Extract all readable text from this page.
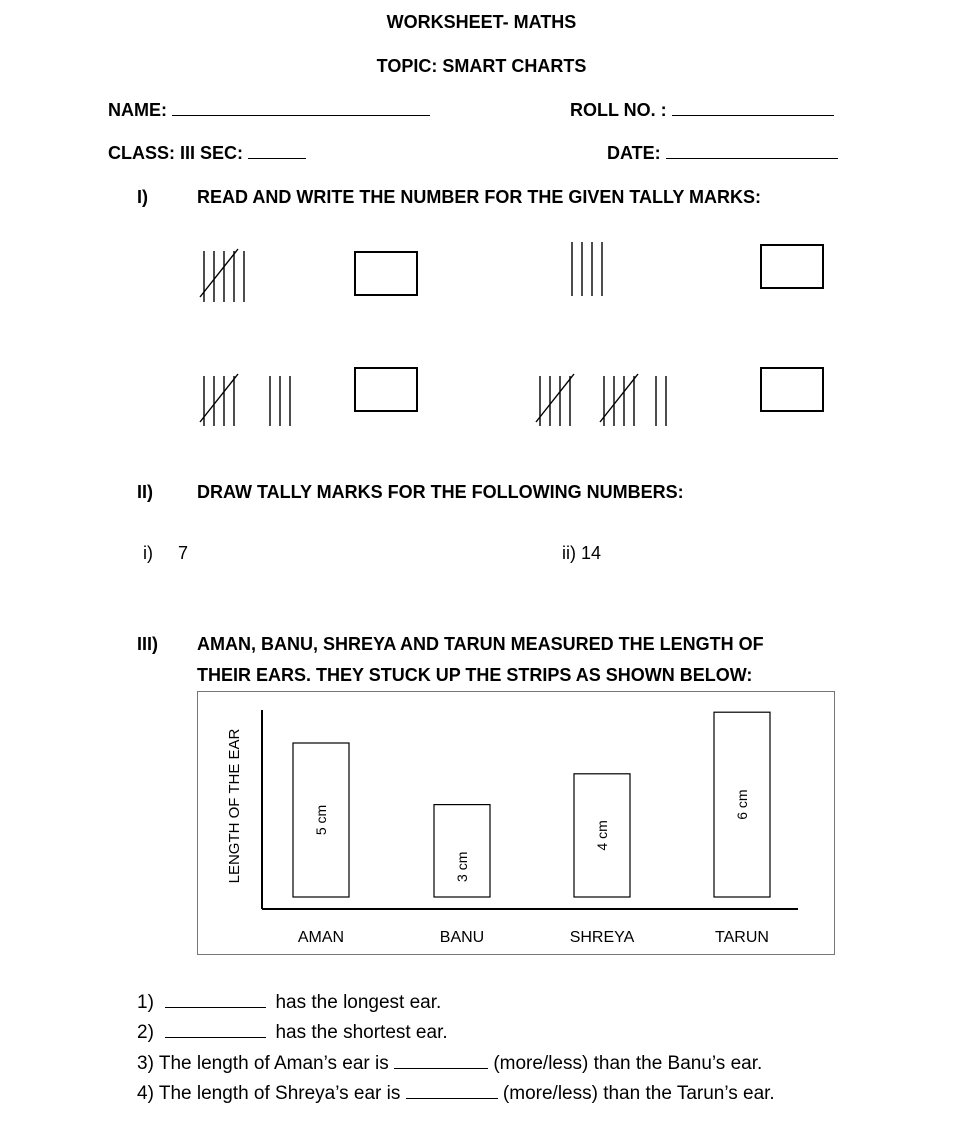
WORKSHEET- MATHS
TOPIC: SMART CHARTS
NAME:	ROLL NO. :
CLASS: III SEC:	DATE:
I)	READ AND WRITE THE NUMBER FOR THE GIVEN TALLY MARKS:
II) DRAW TALLY MARKS FOR THE FOLLOWING NUMBERS:
i) 7	ii) 14
III) AMAN, BANU, SHREYA AND TARUN MEASURED THE LENGTH OF
THEIR EARS. THEY STUCK UP THE STRIPS AS SHOWN BELOW:
LENGTH OF THE EAR	5 cm
AMAN
3 cm
BANU
4 cm
SHREYA
6 cm
TARUN
1)	has the longest ear.
2)	has the shortest ear.
3) The length of Aman’s ear is	(more/less) than the Banu’s ear.
4) The length of Shreya’s ear is	(more/less) than the Tarun’s ear.
